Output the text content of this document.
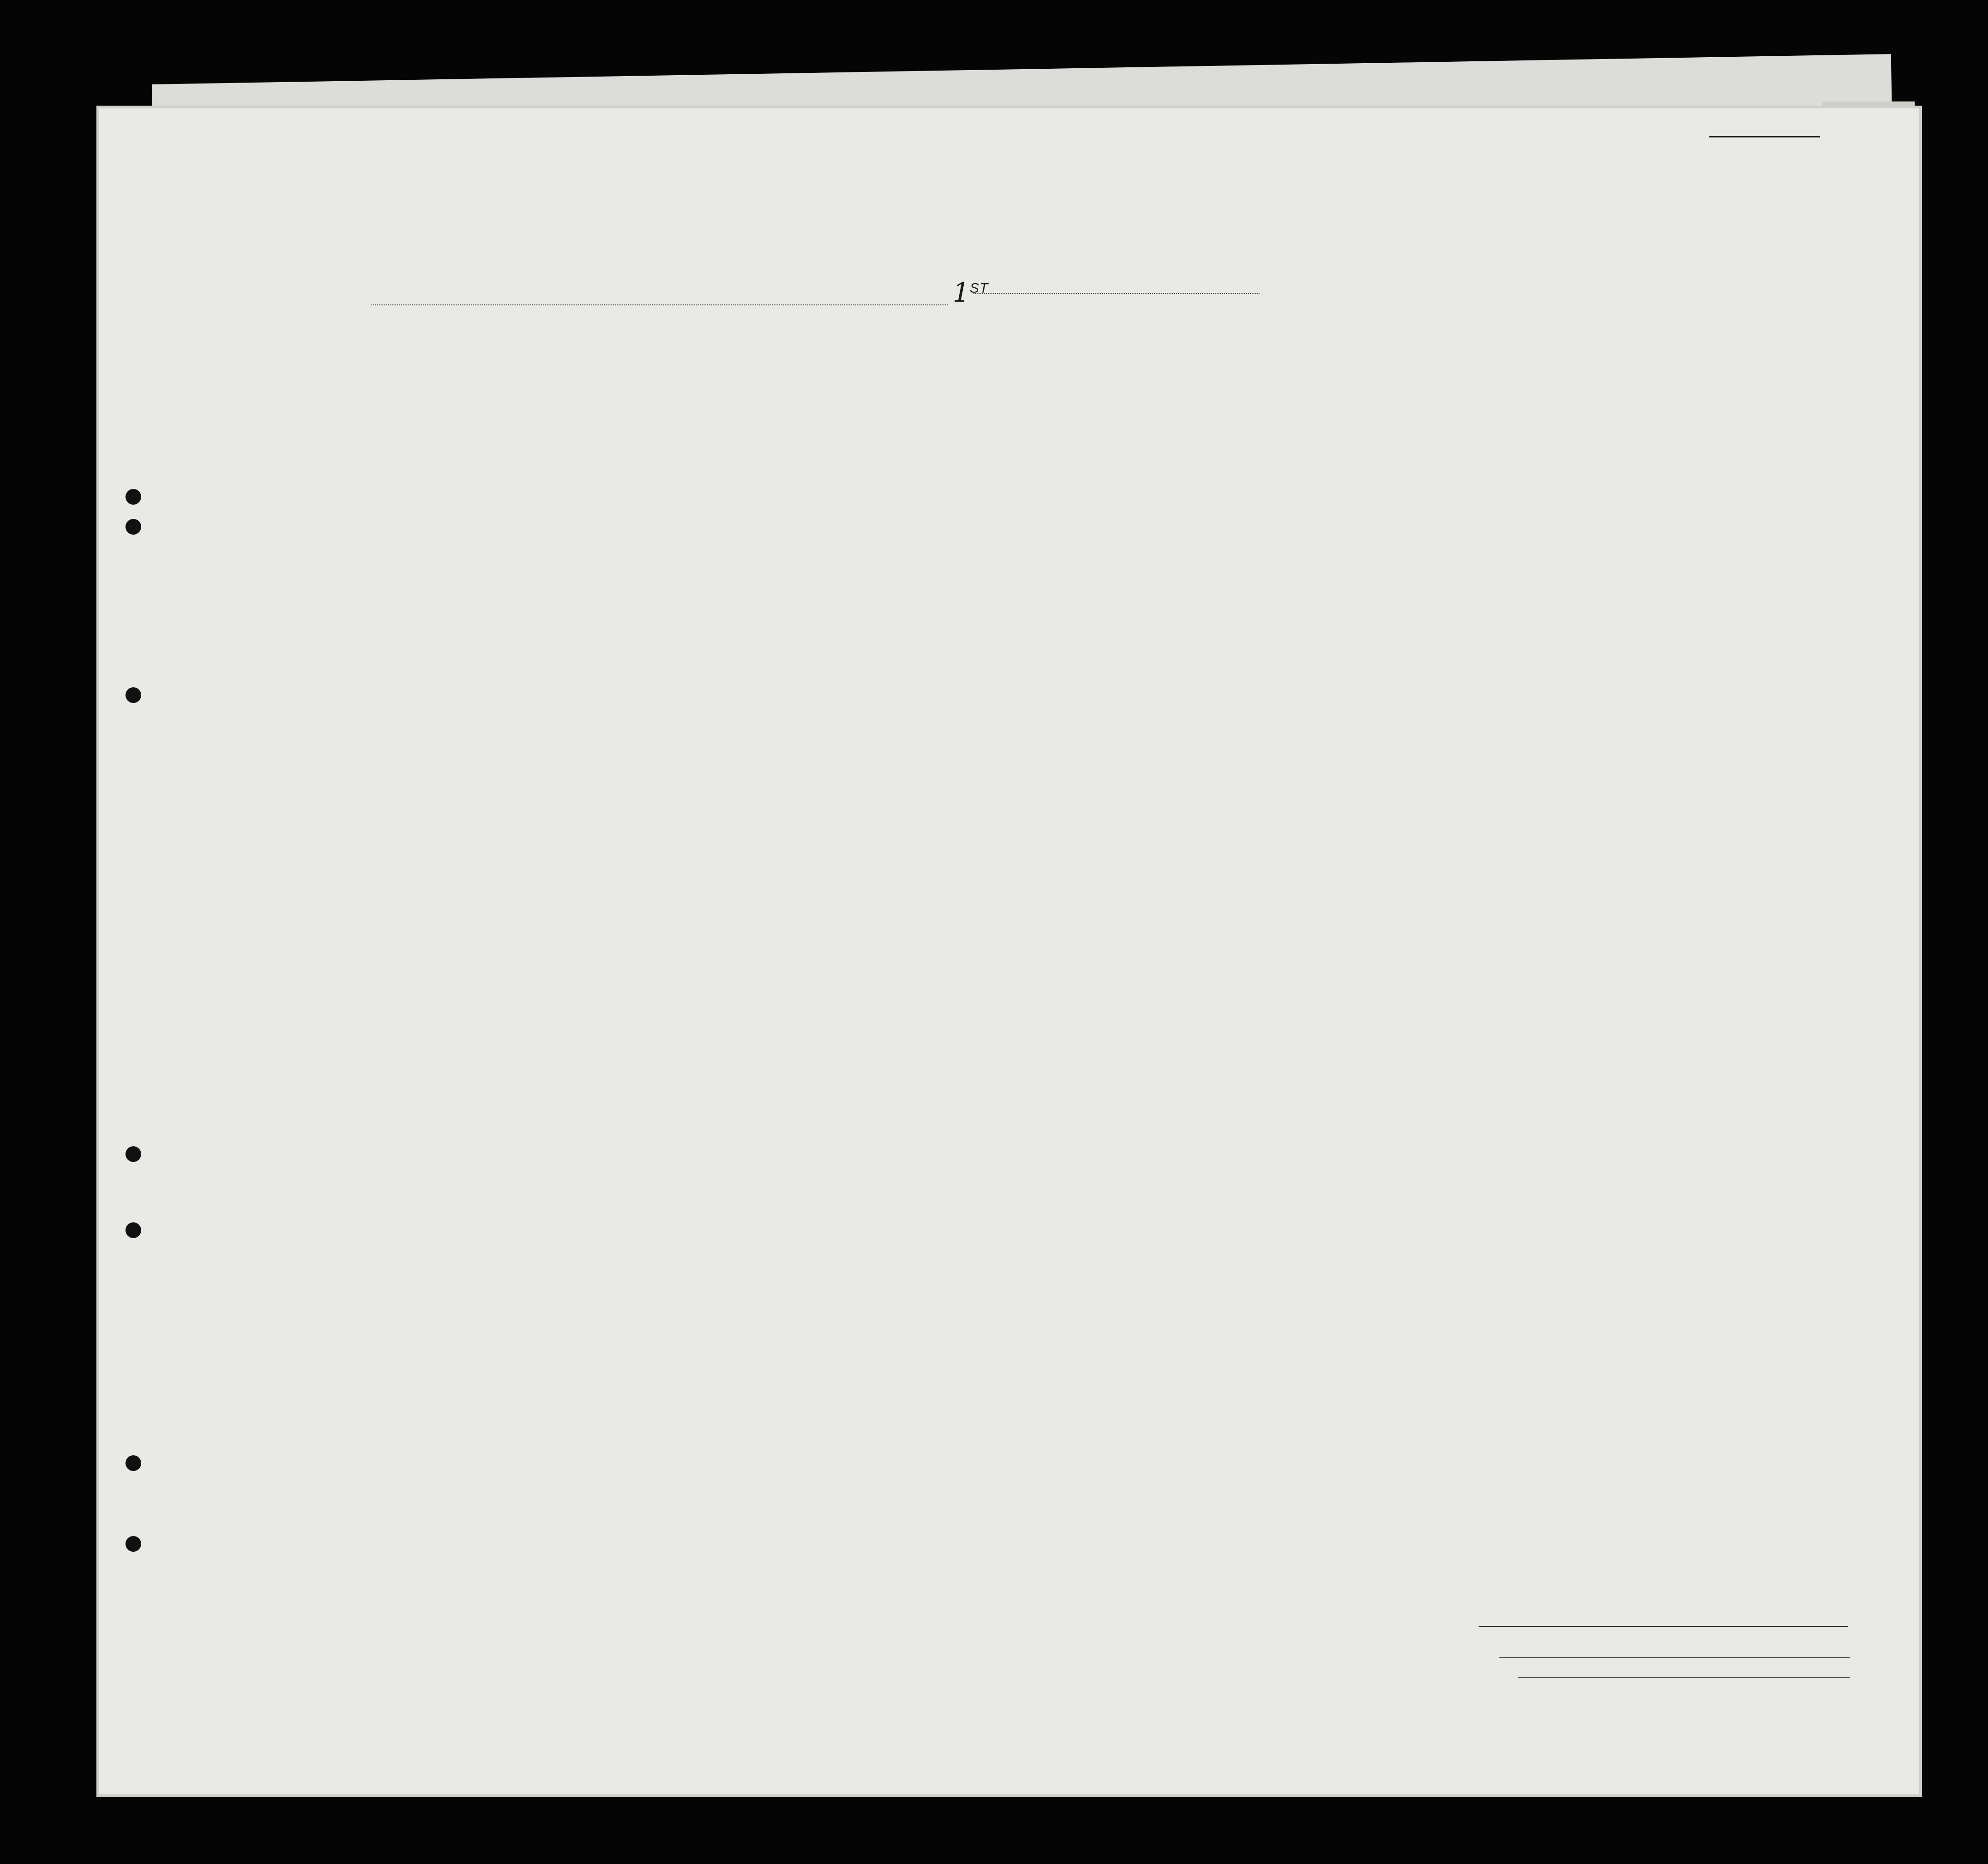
1ST
